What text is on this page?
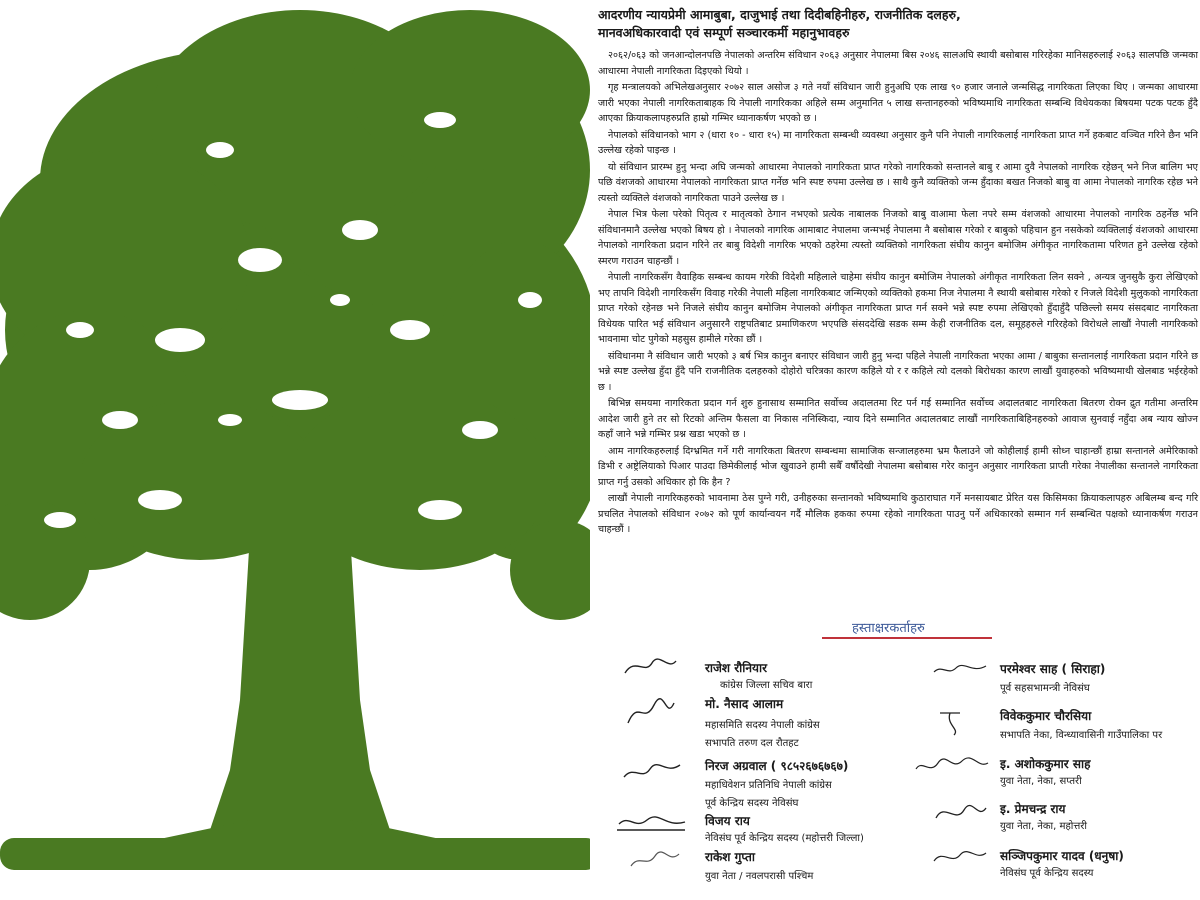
आदरणीय न्यायप्रेमी आमाबुबा, दाजुभाई तथा दिदीबहिनीहरु, राजनीतिक दलहरु,
मानवअधिकारवादी एवं सम्पूर्ण सञ्चारकर्मी महानुभावहरु

२०६२/०६३ को जनआन्दोलनपछि नेपालको अन्तरिम संविधान २०६३ अनुसार नेपालमा बिस २०४६ सालअघि स्थायी बसोबास गरिरहेका मानिसहरुलाई २०६३ सालपछि जन्मका आधारमा नेपाली नागरिकता दिइएको थियो ।

गृह मन्त्रालयको अभिलेखअनुसार २०७२ साल असोज ३ गते नयाँ संविधान जारी हुनुअघि एक लाख ९० हजार जनाले जन्मसिद्ध नागरिकता लिएका थिए । जन्मका आधारमा जारी भएका नेपाली नागरिकताबाहक यि नेपाली नागरिकका अहिले सम्म अनुमानित ५ लाख सन्तानहरुको भविष्यमाथि नागरिकता सम्बन्धि विधेयकका बिषयमा पटक पटक हुँदै आएका क्रियाकलापहरुप्रति हाम्रो गम्भिर ध्यानाकर्षण भएको छ ।

नेपालको संविधानको भाग २ (धारा १० - धारा १५) मा नागरिकता सम्बन्धी व्यवस्था अनुसार कुनै पनि नेपाली नागरिकलाई नागरिकता प्राप्त गर्ने हकबाट वञ्चित गरिने छैन भनि उल्लेख रहेको पाइन्छ ।

यो संविधान प्रारम्भ हुनु भन्दा अघि जन्मको आधारमा नेपालको नागरिकता प्राप्त गरेको नागरिकको सन्तानले बाबु र आमा दुवै नेपालको नागरिक रहेछन् भने निज बालिग भए पछि वंशजको आधारमा नेपालको नागरिकता प्राप्त गर्नेछ भनि स्पष्ट रुपमा उल्लेख छ । साथै कुनै व्यक्तिको जन्म हुँदाका बखत निजको बाबु वा आमा नेपालको नागरिक रहेछ भने त्यस्तो व्यक्तिले वंशजको नागरिकता पाउने उल्लेख छ ।

नेपाल भित्र फेला परेको पितृत्व र मातृत्वको ठेगान नभएको प्रत्येक नाबालक निजको बाबु वाआमा फेला नपरे सम्म वंशजको आधारमा नेपालको नागरिक ठहर्नेछ भनि संविधानमानै उल्लेख भएको बिषय हो । नेपालको नागरिक आमाबाट नेपालमा जन्मभई नेपालमा नै बसोबास गरेको र बाबुको पहिचान हुन नसकेको व्यक्तिलाई वंशजको आधारमा नेपालको नागरिकता प्रदान गरिने तर बाबु विदेशी नागरिक भएको ठहरेमा त्यस्तो व्यक्तिको नागरिकता संघीय कानुन बमोजिम अंगीकृत नागरिकतामा परिणत हुने उल्लेख रहेको स्मरण गराउन चाहन्छौं ।

नेपाली नागरिकसँग वैवाहिक सम्बन्ध कायम गरेकी विदेशी महिलाले चाहेमा संघीय कानुन बमोजिम नेपालको अंगीकृत नागरिकता लिन सक्ने , अन्यत्र जुनसुकै कुरा लेखिएको भए तापनि विदेशी नागरिकसँग विवाह गरेकी नेपाली महिला नागरिकबाट जन्मिएको व्यक्तिको हकमा निज नेपालमा नै स्थायी बसोबास गरेको र निजले विदेशी मुलुकको नागरिकता प्राप्त गरेको रहेनछ भने निजले संघीय कानुन बमोजिम नेपालको अंगीकृत नागरिकता प्राप्त गर्न सक्ने भन्ने स्पष्ट रुपमा लेखिएको हुँदाहुँदै पछिल्लो समय संसदबाट नागरिकता विधेयक पारित भई संविधान अनुसारनै राष्ट्रपतिबाट प्रमाणिकरण भएपछि संसददेखि सडक सम्म केही राजनीतिक दल, समूहहरुले गरिरहेको विरोधले लाखौं नेपाली नागरिकको भावनामा चोट पुगेको महसुस हामीले गरेका छौं ।

संविधानमा नै संविधान जारी भएको ३ बर्ष भित्र कानुन बनाएर संविधान जारी हुनु भन्दा पहिले नेपाली नागरिकता भएका आमा / बाबुका सन्तानलाई नागरिकता प्रदान गरिने छ भन्ने स्पष्ट उल्लेख हुँदा हुँदै पनि राजनीतिक दलहरुको दोहोरो चरित्रका कारण कहिले यो र र कहिले त्यो दलको बिरोधका कारण लाखौं युवाहरुको भविष्यमाथी खेलबाड भईरहेको छ ।

बिभिन्न समयमा नागरिकता प्रदान गर्न शुरु हुनासाथ सम्मानित सर्वोच्च अदालतमा रिट पर्न गई सम्मानित सर्वोच्च अदालतबाट नागरिकता बितरण रोक्न द्रुत गतीमा अन्तरिम आदेश जारी हुने तर सो रिटको अन्तिम फैसला वा निकास ननिस्किदा, न्याय दिने सम्मानित अदालतबाट लाखौं नागरिकताबिहिनहरुको आवाज सुनवाई नहुँदा अब न्याय खोज्न कहाँ जाने भन्ने गम्भिर प्रश्न खडा भएको छ ।

आम नागरिकहरुलाई दिग्भ्रमित गर्ने गरी नागरिकता बितरण सम्बन्धमा सामाजिक सन्जालहरुमा भ्रम फैलाउने जो कोहीलाई हामी सोध्न चाहान्छौं हाम्रा सन्तानले अमेरिकाको डिभी र अष्ट्रेलियाको पिआर पाउदा छिमेकीलाई भोज खुवाउने हामी सबैँ वर्षौदेखी नेपालमा बसोबास गरेर कानुन अनुसार नागरिकता प्राप्ती गरेका नेपालीका सन्तानले नागरिकता प्राप्त गर्नु उसको अधिकार हो कि हैन ?

लाखौं नेपाली नागरिकहरुको भावनामा ठेस पुग्ने गरी, उनीहरुका सन्तानको भविष्यमाथि कुठाराघात गर्ने मनसायबाट प्रेरित यस किसिमका क्रियाकलापहरु अबिलम्ब बन्द गरि प्रचलित नेपालको संविधान २०७२ को पूर्ण कार्यान्वयन गर्दै मौलिक हकका रुपमा रहेको नागरिकता पाउनु पर्ने अधिकारको सम्मान गर्न सम्बन्धित पक्षको ध्यानाकर्षण गराउन चाहन्छौं ।

हस्ताक्षरकर्ताहरु
राजेश रौनियार
कांग्रेस जिल्ला सचिव बारा
मो. नैसाद आलाम
महासमिति सदस्य नेपाली कांग्रेस
सभापति तरुण दल रौतहट
निरज अग्रवाल ( ९८५२६७६७६७)
महाधिवेशन प्रतिनिधि नेपाली कांग्रेस
पूर्व केन्द्रिय सदस्य नेविसंघ
विजय राय
नेविसंघ पूर्व केन्द्रिय सदस्य (महोत्तरी जिल्ला)
राकेश गुप्ता
युवा नेता / नवलपरासी पश्चिम
परमेश्वर साह ( सिराहा)
पूर्व सहसभामन्त्री नेविसंघ
विवेककुमार चौरसिया
सभापति नेका, विन्ध्यावासिनी गाउँपालिका पर
इ. अशोककुमार साह
युवा नेता, नेका, सप्तरी
इ. प्रेमचन्द्र राय
युवा नेता, नेका, महोत्तरी
सञ्जिपकुमार यादव (धनुषा)
नेविसंघ पूर्व केन्द्रिय सदस्य
